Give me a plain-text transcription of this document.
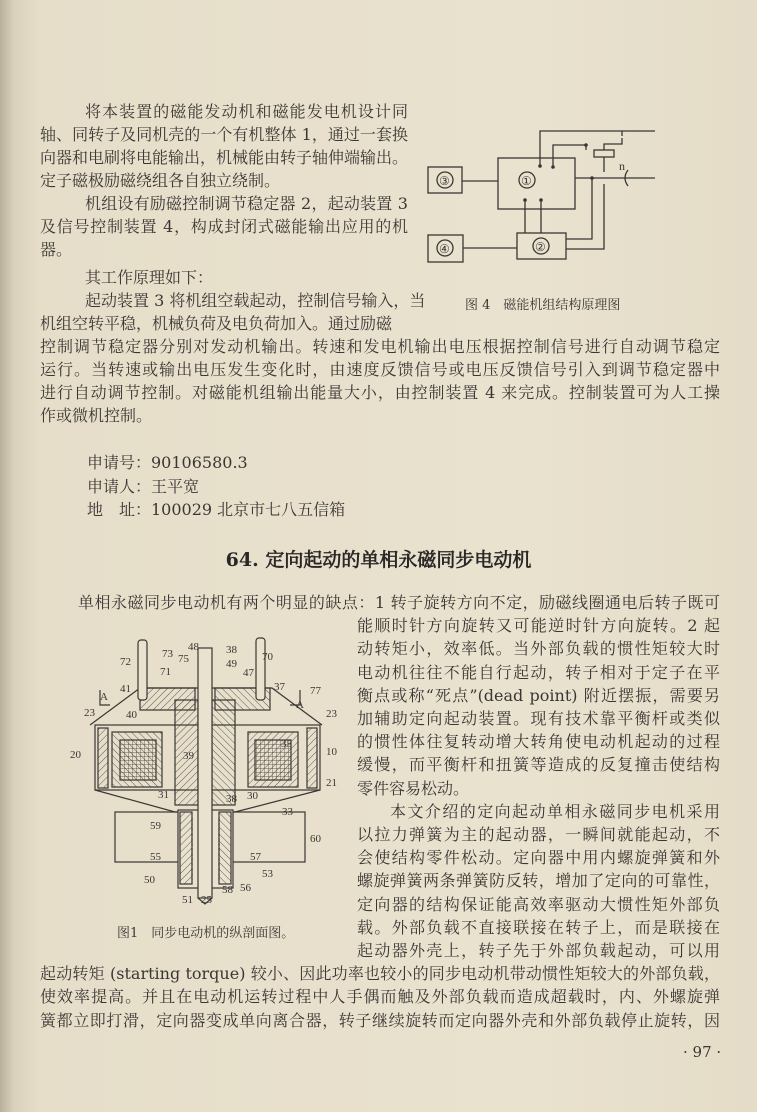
将本装置的磁能发动机和磁能发电机设计同
轴、同转子及同机壳的一个有机整体 1，通过一套换
向器和电刷将电能输出，机械能由转子轴伸端输出。
定子磁极励磁绕组各自独立绕制。
机组设有励磁控制调节稳定器 2，起动装置 3
及信号控制装置 4，构成封闭式磁能输出应用的机
器。
其工作原理如下：
起动装置 3 将机组空载起动，控制信号输入，当
机组空转平稳，机械负荷及电负荷加入。通过励磁
控制调节稳定器分别对发动机输出。转速和发电机输出电压根据控制信号进行自动调节稳定
运行。当转速或输出电压发生变化时，由速度反馈信号或电压反馈信号引入到调节稳定器中
进行自动调节控制。对磁能机组输出能量大小，由控制装置 4 来完成。控制装置可为人工操
作或微机控制。
③	①
④	②
n
图 4　磁能机组结构原理图
申请号：90106580.3
申请人：王平宽
地　址：100029 北京市七八五信箱
64. 定向起动的单相永磁同步电动机
单相永磁同步电动机有两个明显的缺点：1 转子旋转方向不定，励磁线圈通电后转子既可
能顺时针方向旋转又可能逆时针方向旋转。2 起
动转矩小，效率低。当外部负载的惯性矩较大时
电动机往往不能自行起动，转子相对于定子在平
衡点或称“死点”(dead point) 附近摆振，需要另
加辅助定向起动装置。现有技术靠平衡杆或类似
的惯性体往复转动增大转角使电动机起动的过程
缓慢，而平衡杆和扭簧等造成的反复撞击使结构
零件容易松动。
本文介绍的定向起动单相永磁同步电机采用
以拉力弹簧为主的起动器，一瞬间就能起动，不
会使结构零件松动。定向器中用内螺旋弹簧和外
螺旋弹簧两条弹簧防反转，增加了定向的可靠性，
定向器的结构保证能高效率驱动大惯性矩外部负
载。外部负载不直接联接在转子上，而是联接在
起动器外壳上，转子先于外部负载起动，可以用
起动转矩 (starting torque) 较小、因此功率也较小的同步电动机带动惯性矩较大的外部负载，
使效率提高。并且在电动机运转过程中人手偶而触及外部负载而造成超载时，内、外螺旋弹
簧都立即打滑，定向器变成单向离合器，转子继续旋转而定向器外壳和外部负载停止旋转，因
48 38
70
73 75
72
71
49
47
A
A
41	37 77
23	40	23
39
35
20	10
21
31	38 30
33
59
60
55	57
53
50
56
58
51 25
图1　同步电动机的纵剖面图。
· 97 ·
